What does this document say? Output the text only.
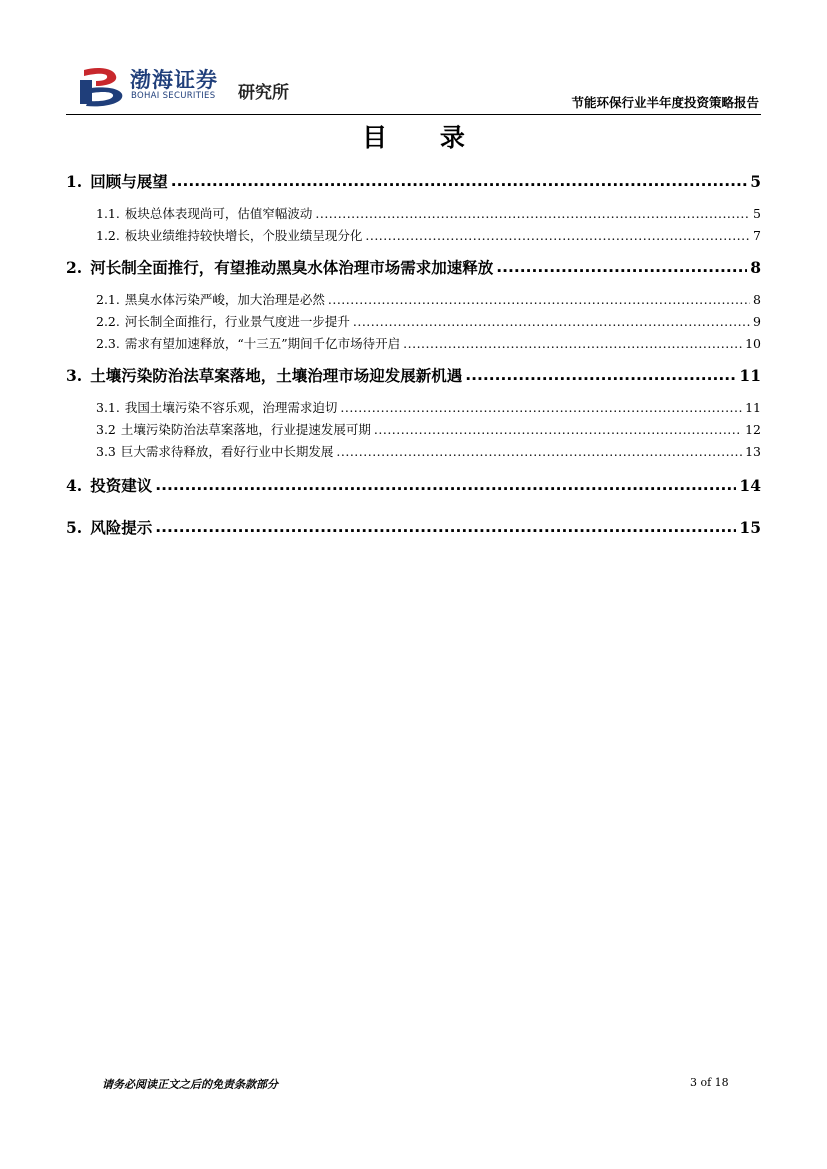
渤海证券
BOHAI SECURITIES 研究所	节能环保行业半年度投资策略报告
目 录
1. 回顾与展望 .....	5
1.1. 板块总体表现尚可，估值窄幅波动 .....	5
1.2. 板块业绩维持较快增长，个股业绩呈现分化 .....	7
2. 河长制全面推行，有望推动黑臭水体治理市场需求加速释放 .....	8
2.1. 黑臭水体污染严峻，加大治理是必然 .....	8
2.2. 河长制全面推行，行业景气度进一步提升 .....	9
2.3. 需求有望加速释放，“十三五”期间千亿市场待开启 .....	10
3. 土壤污染防治法草案落地，土壤治理市场迎发展新机遇 .....	11
3.1. 我国土壤污染不容乐观，治理需求迫切 .....	11
3.2 土壤污染防治法草案落地，行业提速发展可期 .....	12
3.3 巨大需求待释放，看好行业中长期发展 .....	13
4. 投资建议 .....	14
5. 风险提示 .....	15
请务必阅读正文之后的免责条款部分	3 of 18
